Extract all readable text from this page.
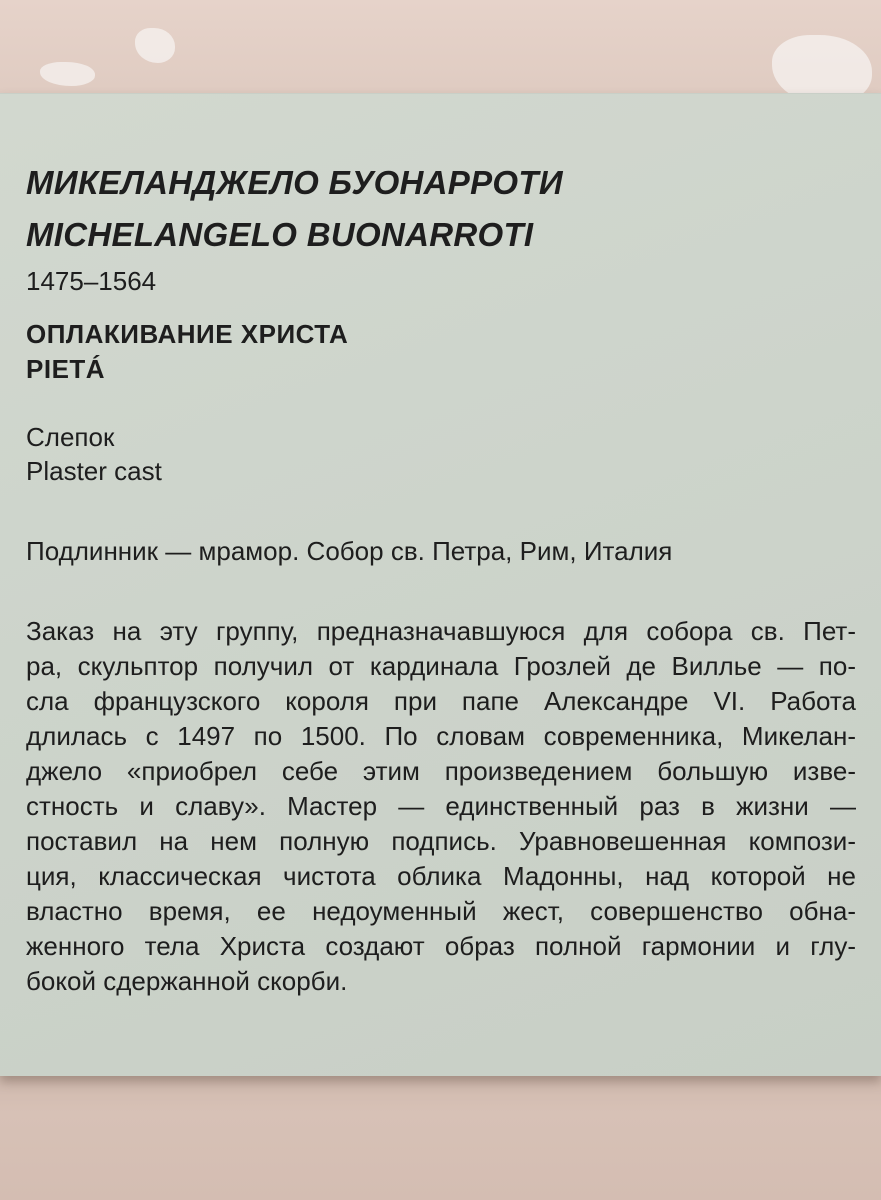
МИКЕЛАНДЖЕЛО БУОНАРРОТИ
MICHELANGELO BUONARROTI
1475–1564
ОПЛАКИВАНИЕ ХРИСТА
PIETÁ
Слепок
Plaster cast
Подлинник — мрамор. Собор св. Петра, Рим, Италия
Заказ на эту группу, предназначавшуюся для собора св. Пет-
ра, скульптор получил от кардинала Грозлей де Виллье — по-
сла французского короля при папе Александре VI. Работа
длилась с 1497 по 1500. По словам современника, Микелан-
джело «приобрел себе этим произведением большую изве-
стность и славу». Мастер — единственный раз в жизни —
поставил на нем полную подпись. Уравновешенная компози-
ция, классическая чистота облика Мадонны, над которой не
властно время, ее недоуменный жест, совершенство обна-
женного тела Христа создают образ полной гармонии и глу-
бокой сдержанной скорби.
